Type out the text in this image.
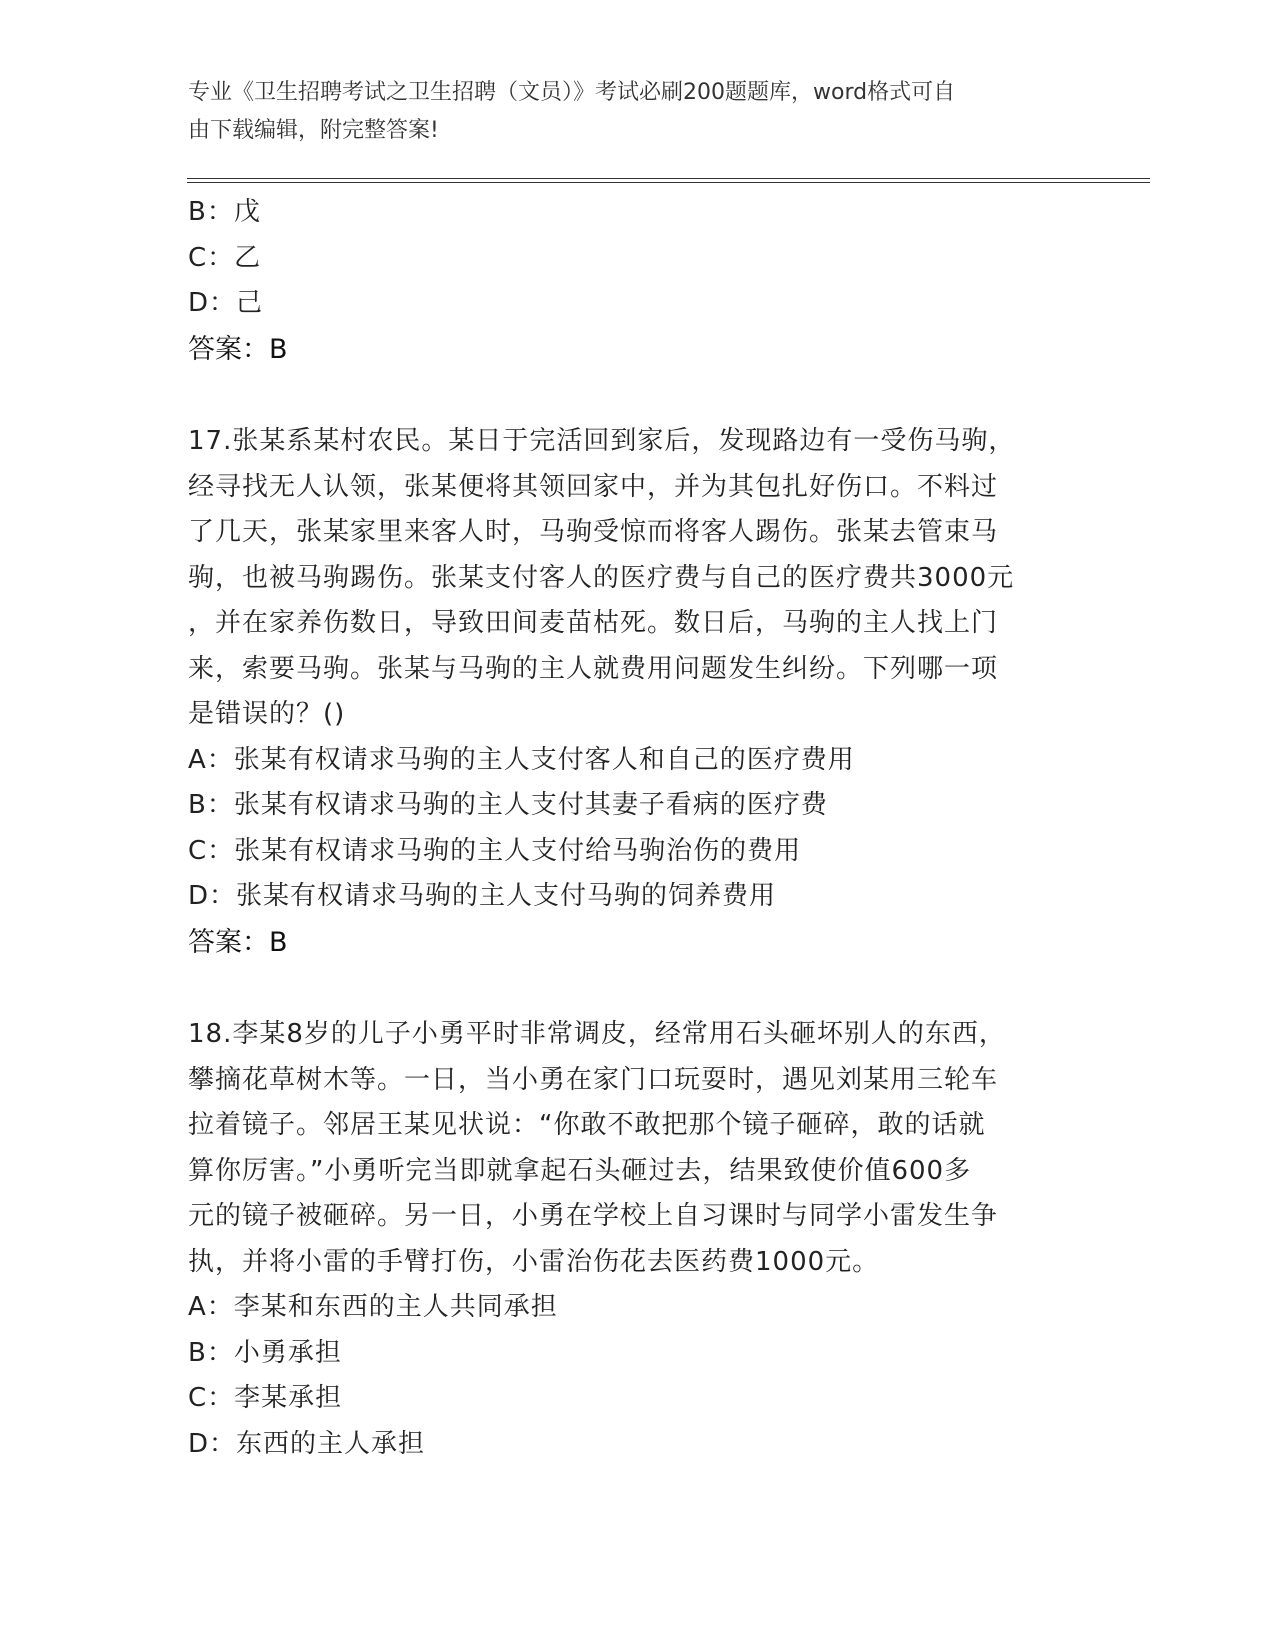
专业《卫生招聘考试之卫生招聘（文员）》考试必刷200题题库，word格式可自
由下载编辑，附完整答案!
B：戊
C：乙
D：己
答案：B
17.张某系某村农民。某日于完活回到家后，发现路边有一受伤马驹，
经寻找无人认领，张某便将其领回家中，并为其包扎好伤口。不料过
了几天，张某家里来客人时，马驹受惊而将客人踢伤。张某去管束马
驹，也被马驹踢伤。张某支付客人的医疗费与自己的医疗费共3000元
，并在家养伤数日，导致田间麦苗枯死。数日后，马驹的主人找上门
来，索要马驹。张某与马驹的主人就费用问题发生纠纷。下列哪一项
是错误的？()
A：张某有权请求马驹的主人支付客人和自己的医疗费用
B：张某有权请求马驹的主人支付其妻子看病的医疗费
C：张某有权请求马驹的主人支付给马驹治伤的费用
D：张某有权请求马驹的主人支付马驹的饲养费用
答案：B
18.李某8岁的儿子小勇平时非常调皮，经常用石头砸坏别人的东西，
攀摘花草树木等。一日，当小勇在家门口玩耍时，遇见刘某用三轮车
拉着镜子。邻居王某见状说：“你敢不敢把那个镜子砸碎，敢的话就
算你厉害。”小勇听完当即就拿起石头砸过去，结果致使价值600多
元的镜子被砸碎。另一日，小勇在学校上自习课时与同学小雷发生争
执，并将小雷的手臂打伤，小雷治伤花去医药费1000元。
A：李某和东西的主人共同承担
B：小勇承担
C：李某承担
D：东西的主人承担
